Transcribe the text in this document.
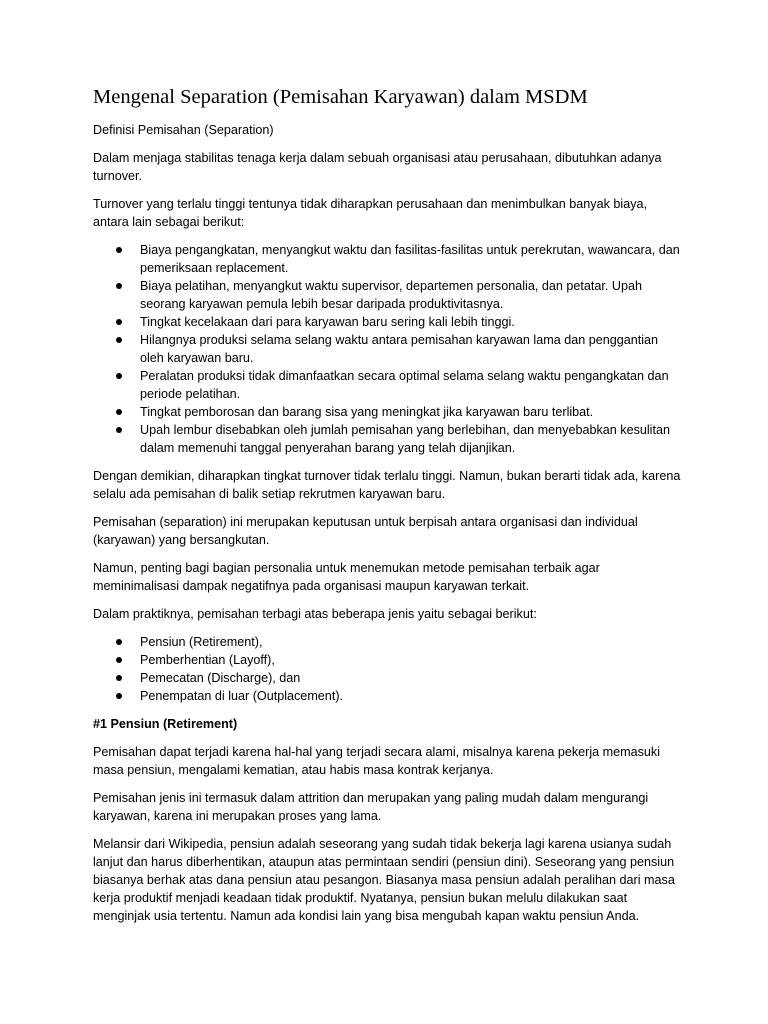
Mengenal Separation (Pemisahan Karyawan) dalam MSDM

Definisi Pemisahan (Separation)

Dalam menjaga stabilitas tenaga kerja dalam sebuah organisasi atau perusahaan, dibutuhkan adanya turnover.

Turnover yang terlalu tinggi tentunya tidak diharapkan perusahaan dan menimbulkan banyak biaya, antara lain sebagai berikut:

Biaya pengangkatan, menyangkut waktu dan fasilitas-fasilitas untuk perekrutan, wawancara, dan pemeriksaan replacement.
Biaya pelatihan, menyangkut waktu supervisor, departemen personalia, dan petatar. Upah seorang karyawan pemula lebih besar daripada produktivitasnya.
Tingkat kecelakaan dari para karyawan baru sering kali lebih tinggi.
Hilangnya produksi selama selang waktu antara pemisahan karyawan lama dan penggantian oleh karyawan baru.
Peralatan produksi tidak dimanfaatkan secara optimal selama selang waktu pengangkatan dan periode pelatihan.
Tingkat pemborosan dan barang sisa yang meningkat jika karyawan baru terlibat.
Upah lembur disebabkan oleh jumlah pemisahan yang berlebihan, dan menyebabkan kesulitan dalam memenuhi tanggal penyerahan barang yang telah dijanjikan.

Dengan demikian, diharapkan tingkat turnover tidak terlalu tinggi. Namun, bukan berarti tidak ada, karena selalu ada pemisahan di balik setiap rekrutmen karyawan baru.

Pemisahan (separation) ini merupakan keputusan untuk berpisah antara organisasi dan individual (karyawan) yang bersangkutan.

Namun, penting bagi bagian personalia untuk menemukan metode pemisahan terbaik agar meminimalisasi dampak negatifnya pada organisasi maupun karyawan terkait.

Dalam praktiknya, pemisahan terbagi atas beberapa jenis yaitu sebagai berikut:

Pensiun (Retirement),
Pemberhentian (Layoff),
Pemecatan (Discharge), dan
Penempatan di luar (Outplacement).

#1 Pensiun (Retirement)

Pemisahan dapat terjadi karena hal-hal yang terjadi secara alami, misalnya karena pekerja memasuki masa pensiun, mengalami kematian, atau habis masa kontrak kerjanya.

Pemisahan jenis ini termasuk dalam attrition dan merupakan yang paling mudah dalam mengurangi karyawan, karena ini merupakan proses yang lama.

Melansir dari Wikipedia, pensiun adalah seseorang yang sudah tidak bekerja lagi karena usianya sudah lanjut dan harus diberhentikan, ataupun atas permintaan sendiri (pensiun dini). Seseorang yang pensiun biasanya berhak atas dana pensiun atau pesangon. Biasanya masa pensiun adalah peralihan dari masa kerja produktif menjadi keadaan tidak produktif. Nyatanya, pensiun bukan melulu dilakukan saat menginjak usia tertentu. Namun ada kondisi lain yang bisa mengubah kapan waktu pensiun Anda.
